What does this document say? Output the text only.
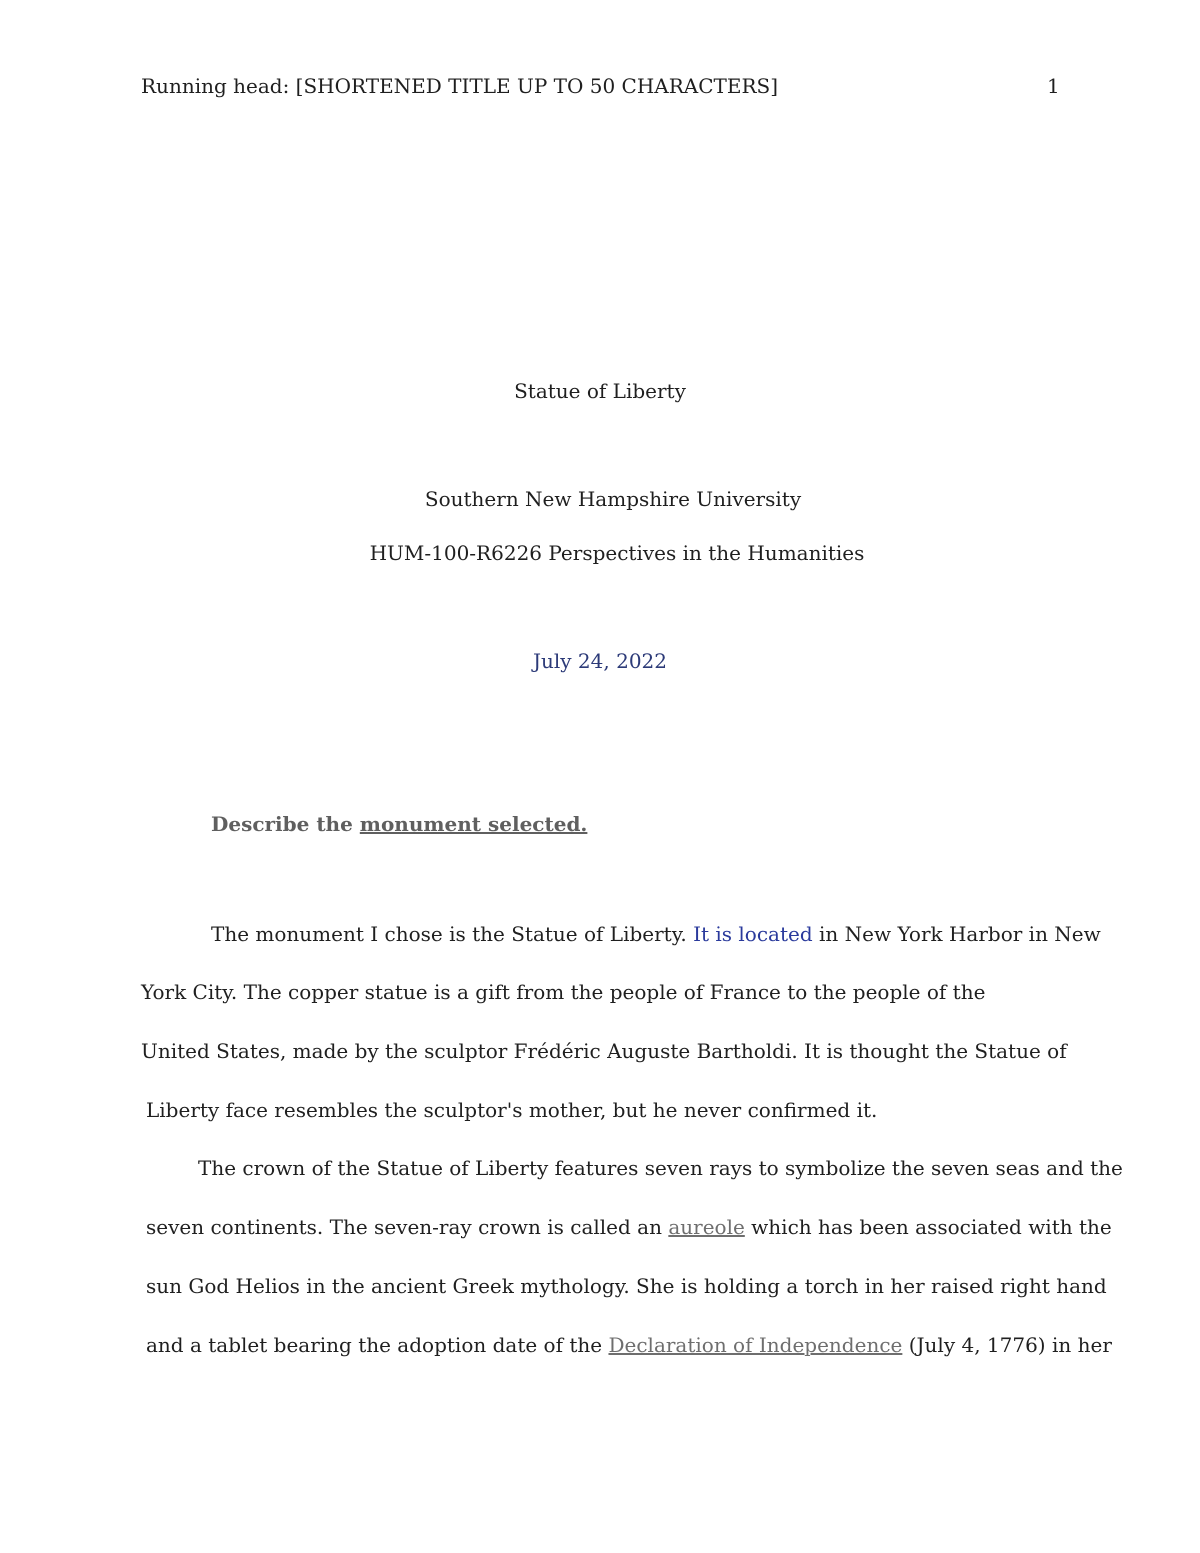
Running head: [SHORTENED TITLE UP TO 50 CHARACTERS]	1
Statue of Liberty
Southern New Hampshire University
HUM-100-R6226 Perspectives in the Humanities
July 24, 2022
Describe the monument selected.
The monument I chose is the Statue of Liberty. It is located in New York Harbor in New
York City. The copper statue is a gift from the people of France to the people of the
United States, made by the sculptor Frédéric Auguste Bartholdi. It is thought the Statue of
Liberty face resembles the sculptor's mother, but he never confirmed it.
The crown of the Statue of Liberty features seven rays to symbolize the seven seas and the
seven continents. The seven-ray crown is called an aureole which has been associated with the
sun God Helios in the ancient Greek mythology. She is holding a torch in her raised right hand
and a tablet bearing the adoption date of the Declaration of Independence (July 4, 1776) in her
